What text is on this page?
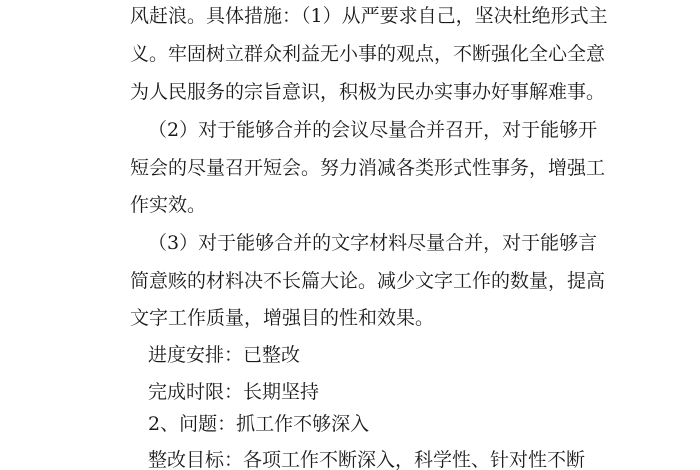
风赶浪。具体措施：（1）从严要求自己，坚决杜绝形式主
义。牢固树立群众利益无小事的观点，不断强化全心全意
为人民服务的宗旨意识，积极为民办实事办好事解难事。
（2）对于能够合并的会议尽量合并召开，对于能够开
短会的尽量召开短会。努力消减各类形式性事务，增强工
作实效。
（3）对于能够合并的文字材料尽量合并，对于能够言
简意赅的材料决不长篇大论。减少文字工作的数量，提高
文字工作质量，增强目的性和效果。
进度安排：已整改
完成时限：长期坚持
2、问题：抓工作不够深入
整改目标：各项工作不断深入，科学性、针对性不断
